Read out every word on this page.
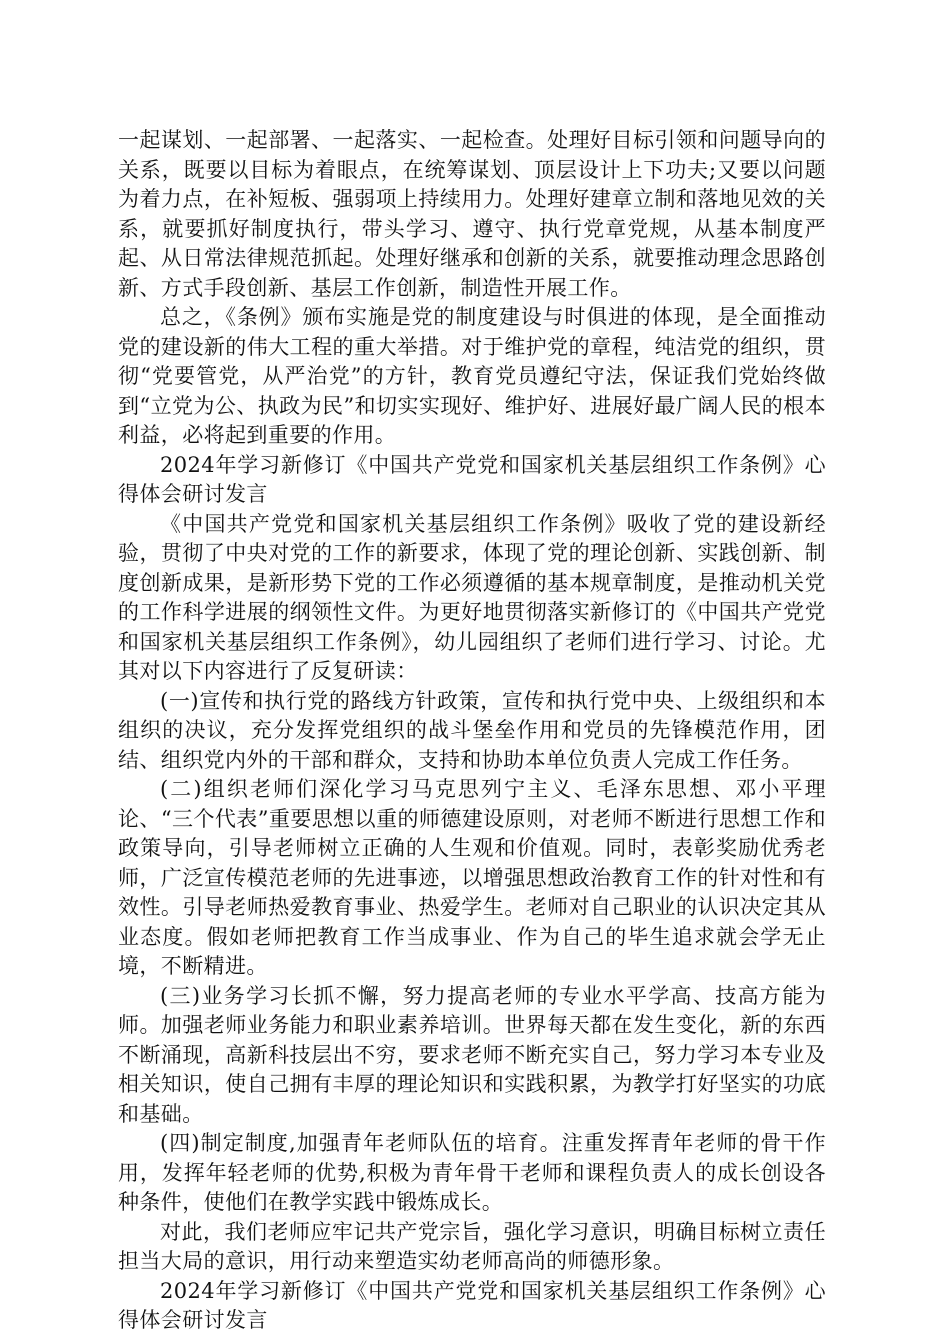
一起谋划、一起部署、一起落实、一起检查。处理好目标引领和问题导向的关系，既要以目标为着眼点，在统筹谋划、顶层设计上下功夫;又要以问题为着力点，在补短板、强弱项上持续用力。处理好建章立制和落地见效的关系，就要抓好制度执行，带头学习、遵守、执行党章党规，从基本制度严起、从日常法律规范抓起。处理好继承和创新的关系，就要推动理念思路创新、方式手段创新、基层工作创新，制造性开展工作。

总之，《条例》颁布实施是党的制度建设与时俱进的体现，是全面推动党的建设新的伟大工程的重大举措。对于维护党的章程，纯洁党的组织，贯彻“党要管党，从严治党”的方针，教育党员遵纪守法，保证我们党始终做到“立党为公、执政为民”和切实实现好、维护好、进展好最广阔人民的根本利益，必将起到重要的作用。

2024年学习新修订《中国共产党党和国家机关基层组织工作条例》心得体会研讨发言

《中国共产党党和国家机关基层组织工作条例》吸收了党的建设新经验，贯彻了中央对党的工作的新要求，体现了党的理论创新、实践创新、制度创新成果，是新形势下党的工作必须遵循的基本规章制度，是推动机关党的工作科学进展的纲领性文件。为更好地贯彻落实新修订的《中国共产党党和国家机关基层组织工作条例》，幼儿园组织了老师们进行学习、讨论。尤其对以下内容进行了反复研读：

(一)宣传和执行党的路线方针政策，宣传和执行党中央、上级组织和本组织的决议，充分发挥党组织的战斗堡垒作用和党员的先锋模范作用，团结、组织党内外的干部和群众，支持和协助本单位负责人完成工作任务。

(二)组织老师们深化学习马克思列宁主义、毛泽东思想、邓小平理论、“三个代表”重要思想以重的师德建设原则，对老师不断进行思想工作和政策导向，引导老师树立正确的人生观和价值观。同时，表彰奖励优秀老师，广泛宣传模范老师的先进事迹，以增强思想政治教育工作的针对性和有效性。引导老师热爱教育事业、热爱学生。老师对自己职业的认识决定其从业态度。假如老师把教育工作当成事业、作为自己的毕生追求就会学无止境，不断精进。

(三)业务学习长抓不懈，努力提高老师的专业水平学高、技高方能为师。加强老师业务能力和职业素养培训。世界每天都在发生变化，新的东西不断涌现，高新科技层出不穷，要求老师不断充实自己，努力学习本专业及相关知识，使自己拥有丰厚的理论知识和实践积累，为教学打好坚实的功底和基础。

(四)制定制度,加强青年老师队伍的培育。注重发挥青年老师的骨干作用，发挥年轻老师的优势,积极为青年骨干老师和课程负责人的成长创设各种条件，使他们在教学实践中锻炼成长。

对此，我们老师应牢记共产党宗旨，强化学习意识，明确目标树立责任担当大局的意识，用行动来塑造实幼老师高尚的师德形象。

2024年学习新修订《中国共产党党和国家机关基层组织工作条例》心得体会研讨发言
